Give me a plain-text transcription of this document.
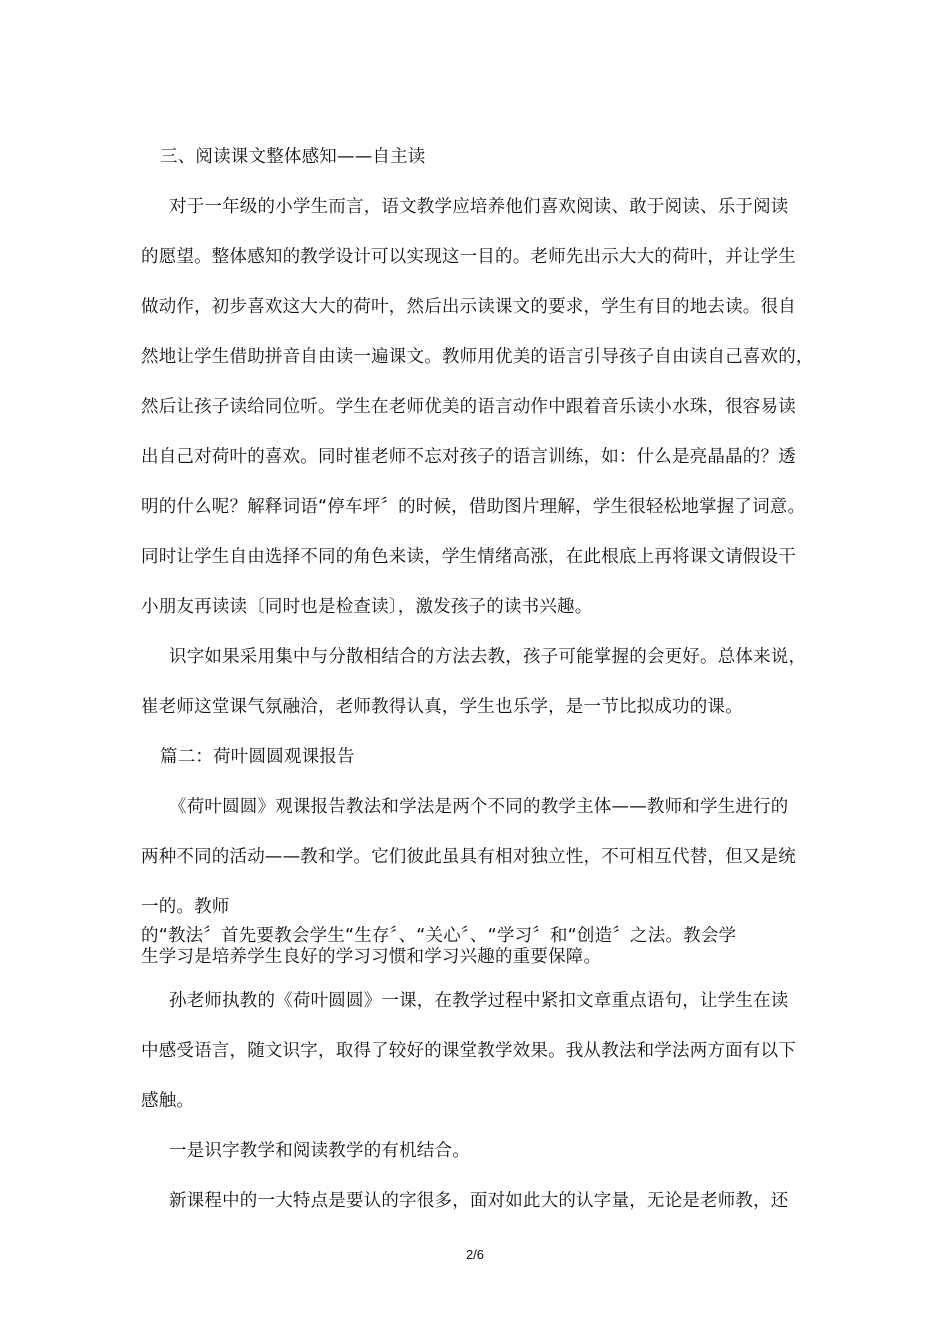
三、阅读课文整体感知——自主读
对于一年级的小学生而言，语文教学应培养他们喜欢阅读、敢于阅读、乐于阅读
的愿望。整体感知的教学设计可以实现这一目的。老师先出示大大的荷叶，并让学生
做动作，初步喜欢这大大的荷叶，然后出示读课文的要求，学生有目的地去读。很自
然地让学生借助拼音自由读一遍课文。教师用优美的语言引导孩子自由读自己喜欢的，
然后让孩子读给同位听。学生在老师优美的语言动作中跟着音乐读小水珠，很容易读
出自己对荷叶的喜欢。同时崔老师不忘对孩子的语言训练，如：什么是亮晶晶的？透
明的什么呢？解释词语“停车坪〞的时候，借助图片理解，学生很轻松地掌握了词意。
同时让学生自由选择不同的角色来读，学生情绪高涨，在此根底上再将课文请假设干
小朋友再读读〔同时也是检查读〕，激发孩子的读书兴趣。
识字如果采用集中与分散相结合的方法去教，孩子可能掌握的会更好。总体来说，
崔老师这堂课气氛融洽，老师教得认真，学生也乐学，是一节比拟成功的课。
篇二：荷叶圆圆观课报告
《荷叶圆圆》观课报告教法和学法是两个不同的教学主体——教师和学生进行的
两种不同的活动——教和学。它们彼此虽具有相对独立性，不可相互代替，但又是统
一的。教师
的“教法〞首先要教会学生“生存〞、“关心〞、“学习〞和“创造〞之法。教会学
生学习是培养学生良好的学习习惯和学习兴趣的重要保障。
孙老师执教的《荷叶圆圆》一课，在教学过程中紧扣文章重点语句，让学生在读
中感受语言，随文识字，取得了较好的课堂教学效果。我从教法和学法两方面有以下
感触。
一是识字教学和阅读教学的有机结合。
新课程中的一大特点是要认的字很多，面对如此大的认字量，无论是老师教，还
2/6
